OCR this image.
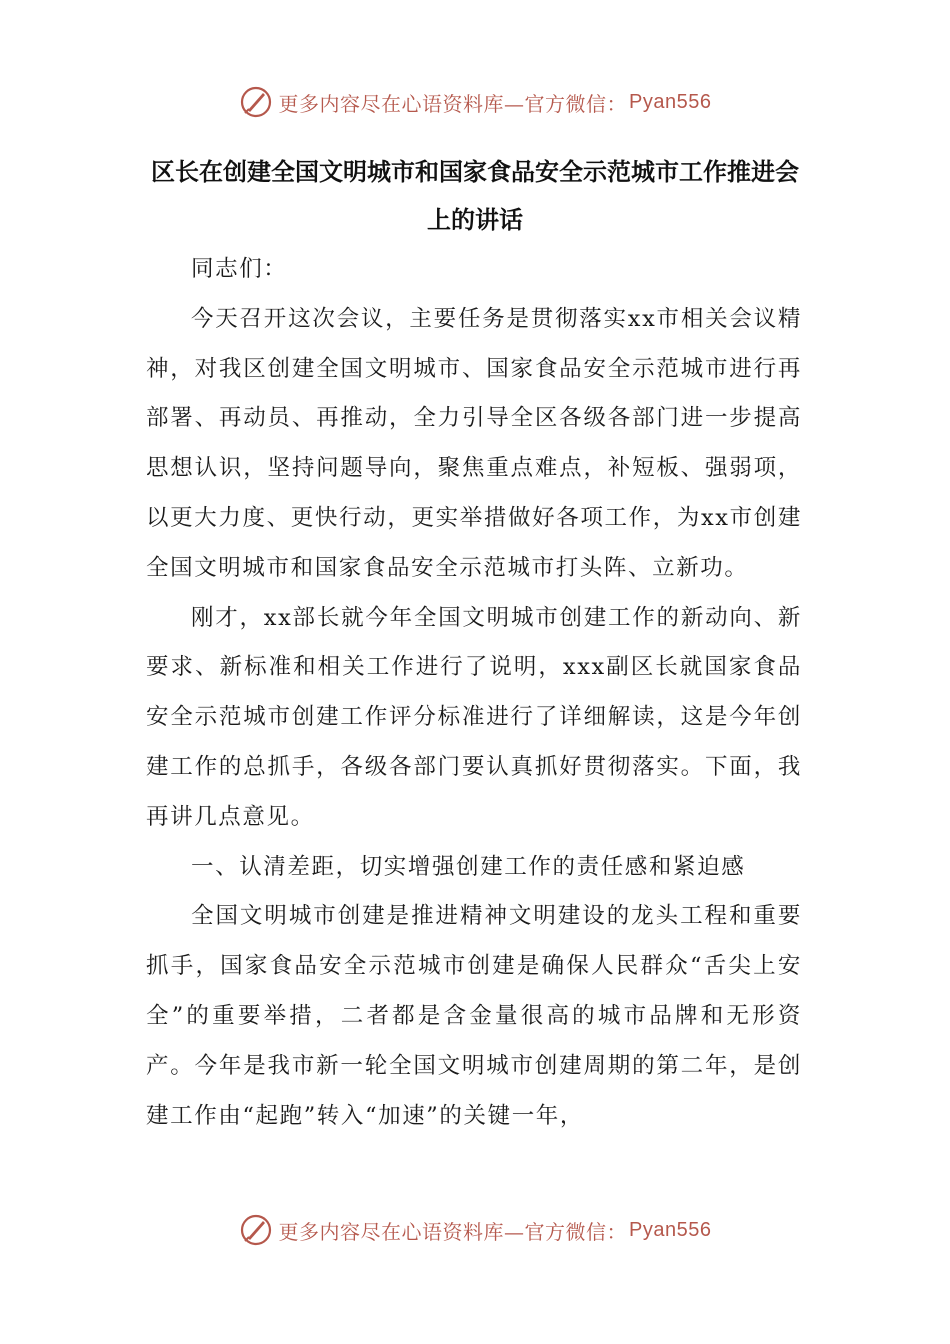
更多内容尽在心语资料库—官方微信： Pyan556
区长在创建全国文明城市和国家食品安全示范城市工作推进会上的讲话

同志们：

今天召开这次会议，主要任务是贯彻落实xx市相关会议精神，对我区创建全国文明城市、国家食品安全示范城市进行再部署、再动员、再推动，全力引导全区各级各部门进一步提高思想认识，坚持问题导向，聚焦重点难点，补短板、强弱项，以更大力度、更快行动，更实举措做好各项工作，为xx市创建全国文明城市和国家食品安全示范城市打头阵、立新功。

刚才，xx部长就今年全国文明城市创建工作的新动向、新要求、新标准和相关工作进行了说明，xxx副区长就国家食品安全示范城市创建工作评分标准进行了详细解读，这是今年创建工作的总抓手，各级各部门要认真抓好贯彻落实。下面，我再讲几点意见。

一、认清差距，切实增强创建工作的责任感和紧迫感

全国文明城市创建是推进精神文明建设的龙头工程和重要抓手，国家食品安全示范城市创建是确保人民群众“舌尖上安全”的重要举措，二者都是含金量很高的城市品牌和无形资产。今年是我市新一轮全国文明城市创建周期的第二年，是创建工作由“起跑”转入“加速”的关键一年，

更多内容尽在心语资料库—官方微信： Pyan556
